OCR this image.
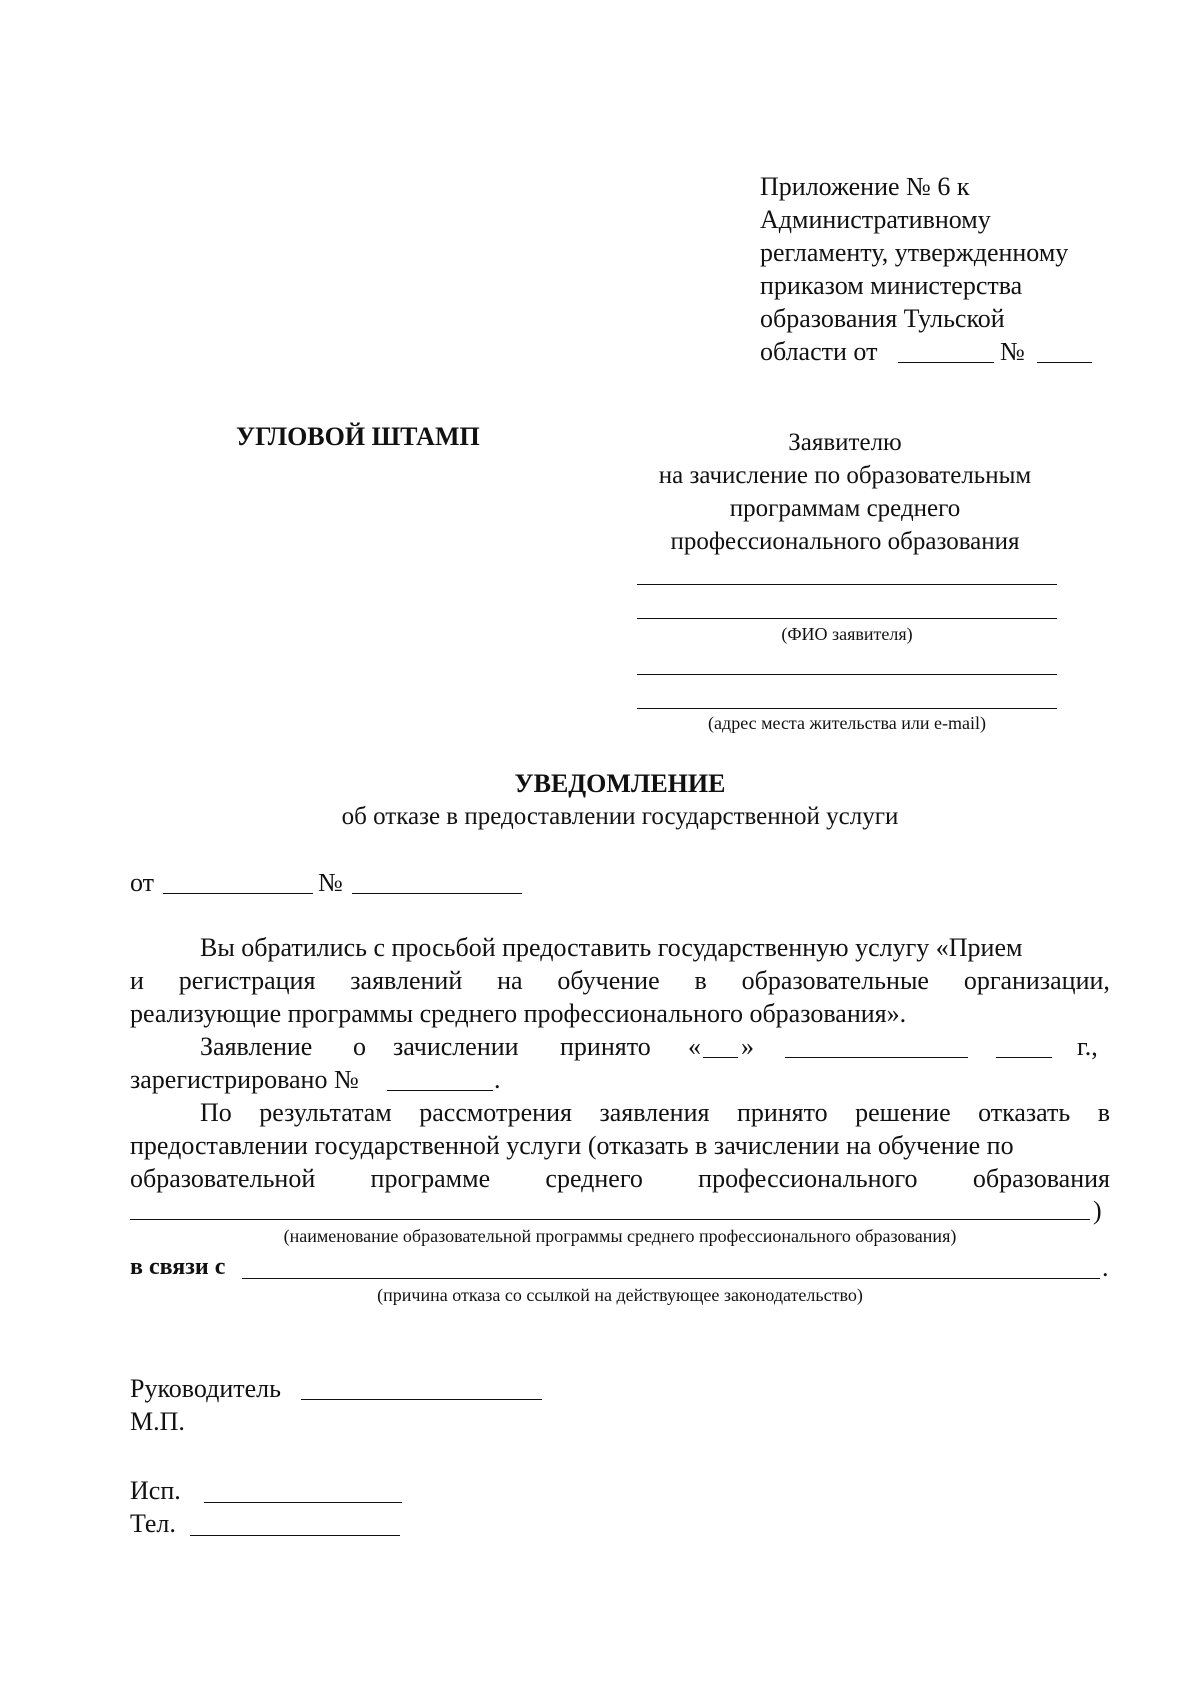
Приложение № 6 к
Административному
регламенту, утвержденному
приказом министерства
образования Тульской
области от	№
УГЛОВОЙ ШТАМП	Заявителю
на зачисление по образовательным
программам среднего
профессионального образования
(ФИО заявителя)
(адрес места жительства или e-mail)
УВЕДОМЛЕНИЕ
об отказе в предоставлении государственной услуги
от	№
Вы обратились с просьбой предоставить государственную услугу «Прием
и регистрация заявлений на обучение в образовательные организации,
реализующие программы среднего профессионального образования».
Заявление о зачислении принято « »	г.,
зарегистрировано №	.
По результатам рассмотрения заявления принято решение отказать в
предоставлении государственной услуги (отказать в зачислении на обучение по
образовательной программе среднего профессионального образования
)
(наименование образовательной программы среднего профессионального образования)
в связи с	.
(причина отказа со ссылкой на действующее законодательство)
Руководитель
М.П.
Исп.
Тел.
